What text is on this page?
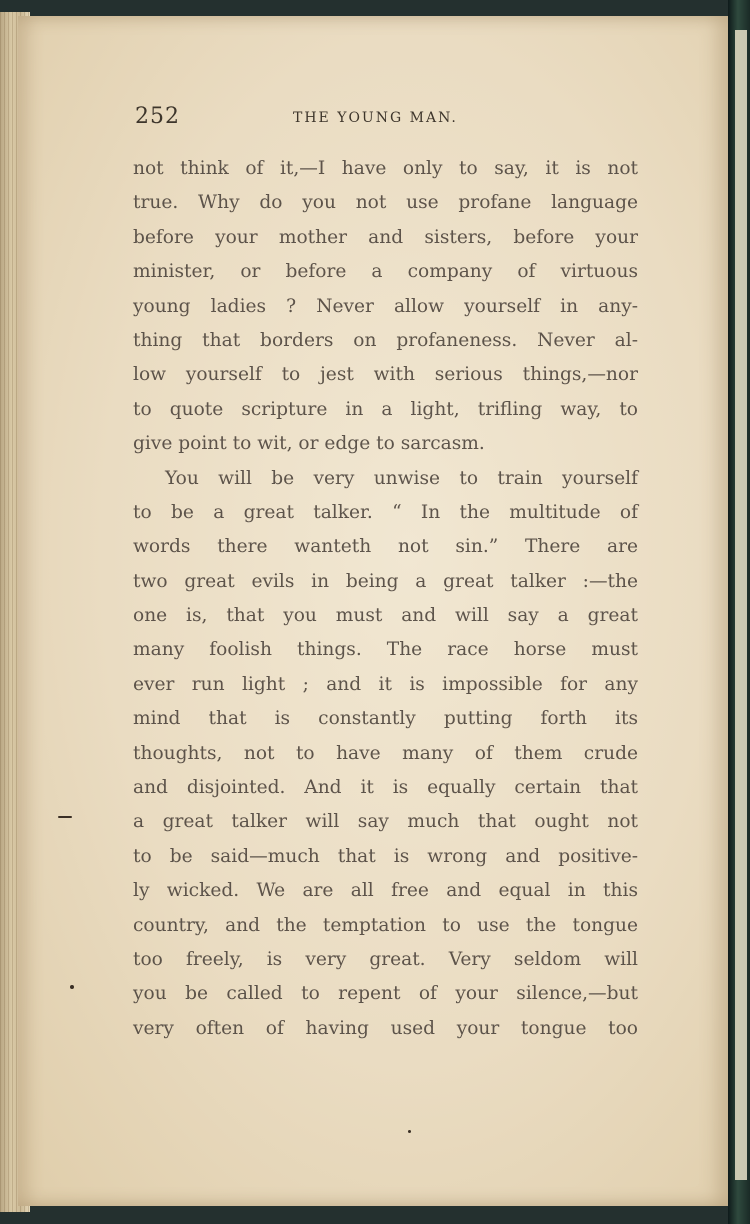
252	THE YOUNG MAN.
not think of it,—I have only to say, it is not
true. Why do you not use profane language
before your mother and sisters, before your
minister, or before a company of virtuous
young ladies ? Never allow yourself in any-
thing that borders on profaneness. Never al-
low yourself to jest with serious things,—nor
to quote scripture in a light, trifling way, to
give point to wit, or edge to sarcasm.
You will be very unwise to train yourself
to be a great talker. “ In the multitude of
words there wanteth not sin.” There are
two great evils in being a great talker :—the
one is, that you must and will say a great
many foolish things. The race horse must
ever run light ; and it is impossible for any
mind that is constantly putting forth its
thoughts, not to have many of them crude
and disjointed. And it is equally certain that
a great talker will say much that ought not
to be said—much that is wrong and positive-
ly wicked. We are all free and equal in this
country, and the temptation to use the tongue
too freely, is very great. Very seldom will
you be called to repent of your silence,—but
very often of having used your tongue too
